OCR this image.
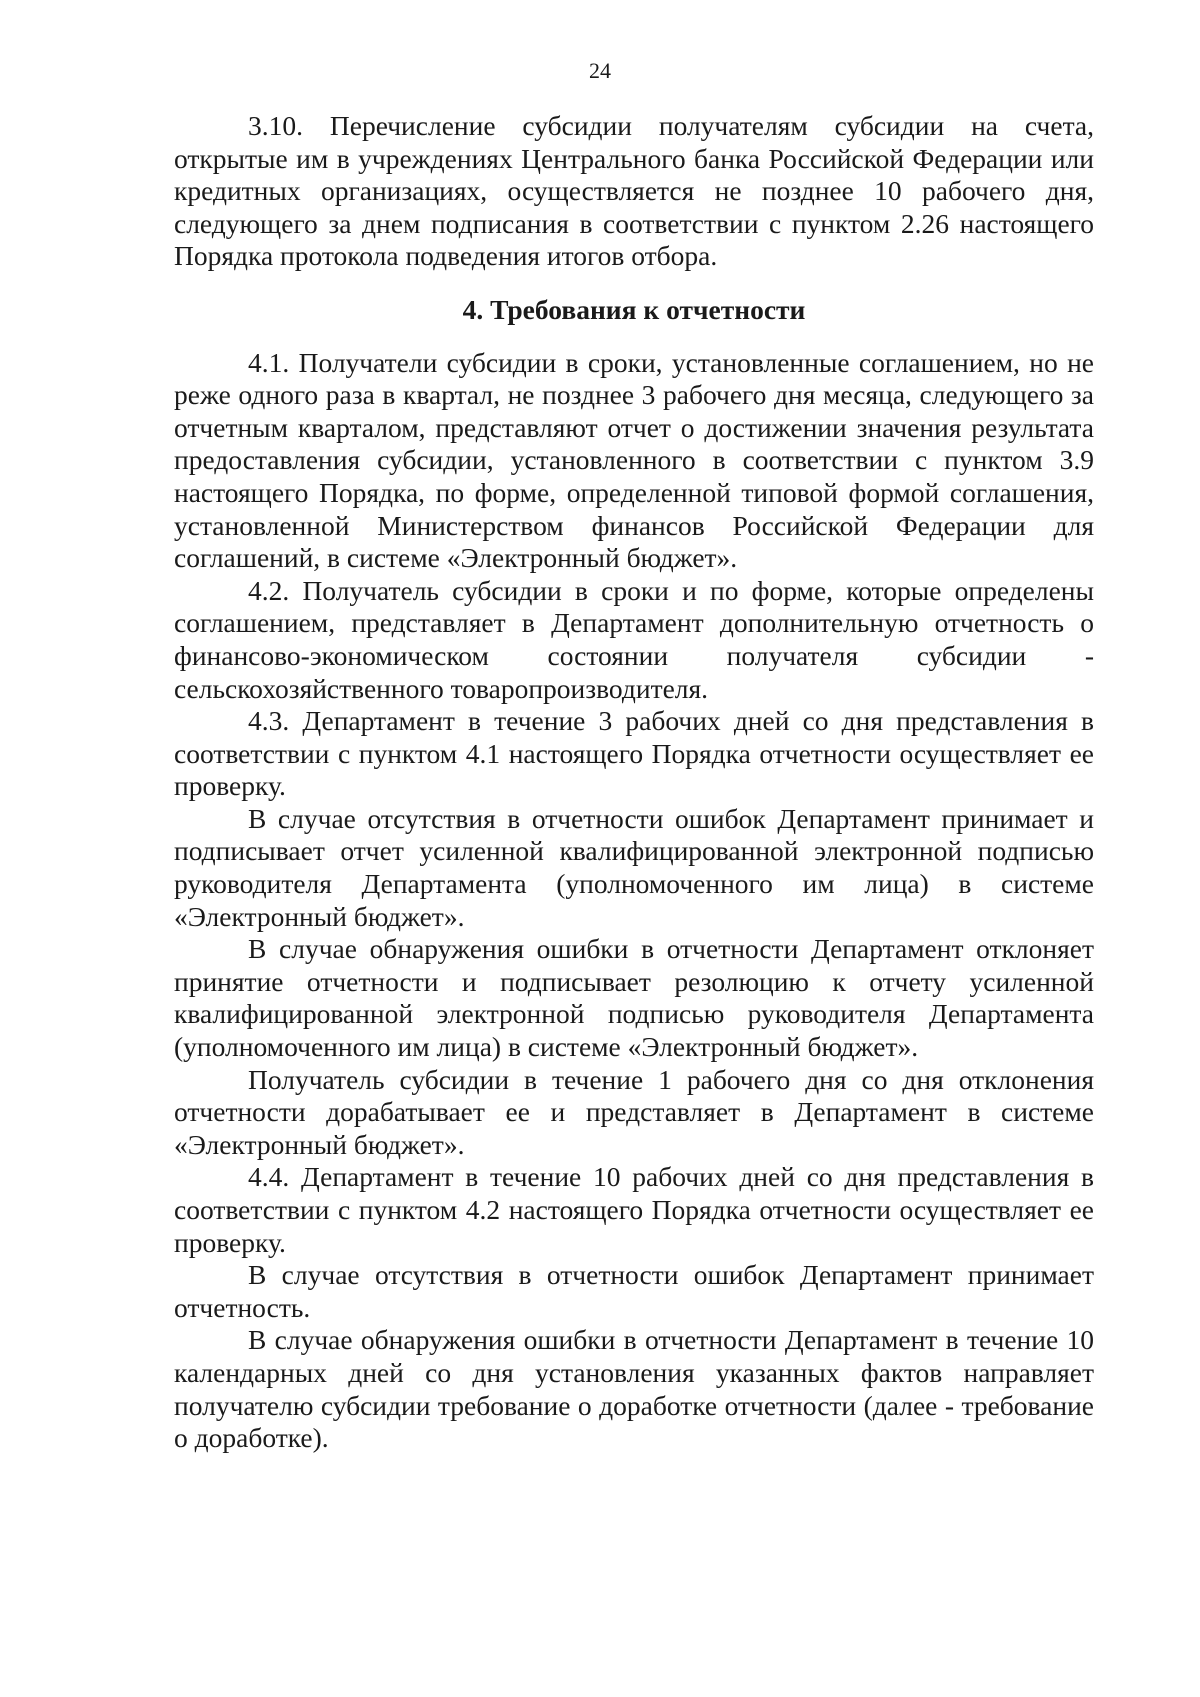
24

3.10. Перечисление субсидии получателям субсидии на счета, открытые им в учреждениях Центрального банка Российской Федерации или кредитных организациях, осуществляется не позднее 10 рабочего дня, следующего за днем подписания в соответствии с пунктом 2.26 настоящего Порядка протокола подведения итогов отбора.

4. Требования к отчетности

4.1. Получатели субсидии в сроки, установленные соглашением, но не реже одного раза в квартал, не позднее 3 рабочего дня месяца, следующего за отчетным кварталом, представляют отчет о достижении значения результата предоставления субсидии, установленного в соответствии с пунктом 3.9 настоящего Порядка, по форме, определенной типовой формой соглашения, установленной Министерством финансов Российской Федерации для соглашений, в системе «Электронный бюджет».

4.2. Получатель субсидии в сроки и по форме, которые определены соглашением, представляет в Департамент дополнительную отчетность о финансово-экономическом состоянии получателя субсидии - сельскохозяйственного товаропроизводителя.

4.3. Департамент в течение 3 рабочих дней со дня представления в соответствии с пунктом 4.1 настоящего Порядка отчетности осуществляет ее проверку.

В случае отсутствия в отчетности ошибок Департамент принимает и подписывает отчет усиленной квалифицированной электронной подписью руководителя Департамента (уполномоченного им лица) в системе «Электронный бюджет».

В случае обнаружения ошибки в отчетности Департамент отклоняет принятие отчетности и подписывает резолюцию к отчету усиленной квалифицированной электронной подписью руководителя Департамента (уполномоченного им лица) в системе «Электронный бюджет».

Получатель субсидии в течение 1 рабочего дня со дня отклонения отчетности дорабатывает ее и представляет в Департамент в системе «Электронный бюджет».

4.4. Департамент в течение 10 рабочих дней со дня представления в соответствии с пунктом 4.2 настоящего Порядка отчетности осуществляет ее проверку.

В случае отсутствия в отчетности ошибок Департамент принимает отчетность.

В случае обнаружения ошибки в отчетности Департамент в течение 10 календарных дней со дня установления указанных фактов направляет получателю субсидии требование о доработке отчетности (далее - требование о доработке).
